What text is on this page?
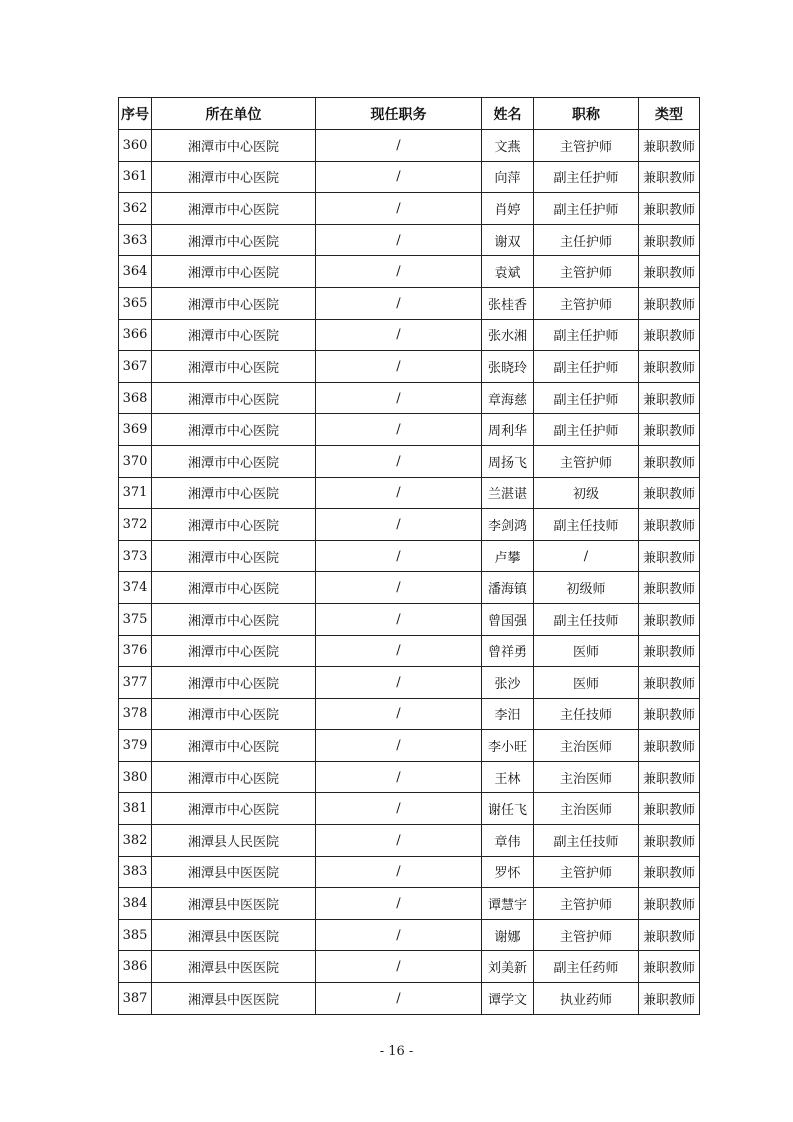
序号	所在单位	现任职务	姓名	职称	类型
360	湘潭市中心医院	/	文燕	主管护师	兼职教师
361	湘潭市中心医院	/	向萍	副主任护师	兼职教师
362	湘潭市中心医院	/	肖婷	副主任护师	兼职教师
363	湘潭市中心医院	/	谢双	主任护师	兼职教师
364	湘潭市中心医院	/	袁斌	主管护师	兼职教师
365	湘潭市中心医院	/	张桂香	主管护师	兼职教师
366	湘潭市中心医院	/	张水湘	副主任护师	兼职教师
367	湘潭市中心医院	/	张晓玲	副主任护师	兼职教师
368	湘潭市中心医院	/	章海慈	副主任护师	兼职教师
369	湘潭市中心医院	/	周利华	副主任护师	兼职教师
370	湘潭市中心医院	/	周扬飞	主管护师	兼职教师
371	湘潭市中心医院	/	兰湛谌	初级	兼职教师
372	湘潭市中心医院	/	李剑鸿	副主任技师	兼职教师
373	湘潭市中心医院	/	卢攀	/	兼职教师
374	湘潭市中心医院	/	潘海镇	初级师	兼职教师
375	湘潭市中心医院	/	曾国强	副主任技师	兼职教师
376	湘潭市中心医院	/	曾祥勇	医师	兼职教师
377	湘潭市中心医院	/	张沙	医师	兼职教师
378	湘潭市中心医院	/	李汨	主任技师	兼职教师
379	湘潭市中心医院	/	李小旺	主治医师	兼职教师
380	湘潭市中心医院	/	王林	主治医师	兼职教师
381	湘潭市中心医院	/	谢任飞	主治医师	兼职教师
382	湘潭县人民医院	/	章伟	副主任技师	兼职教师
383	湘潭县中医医院	/	罗怀	主管护师	兼职教师
384	湘潭县中医医院	/	谭慧宇	主管护师	兼职教师
385	湘潭县中医医院	/	谢娜	主管护师	兼职教师
386	湘潭县中医医院	/	刘美新	副主任药师	兼职教师
387	湘潭县中医医院	/	谭学文	执业药师	兼职教师
- 16 -
